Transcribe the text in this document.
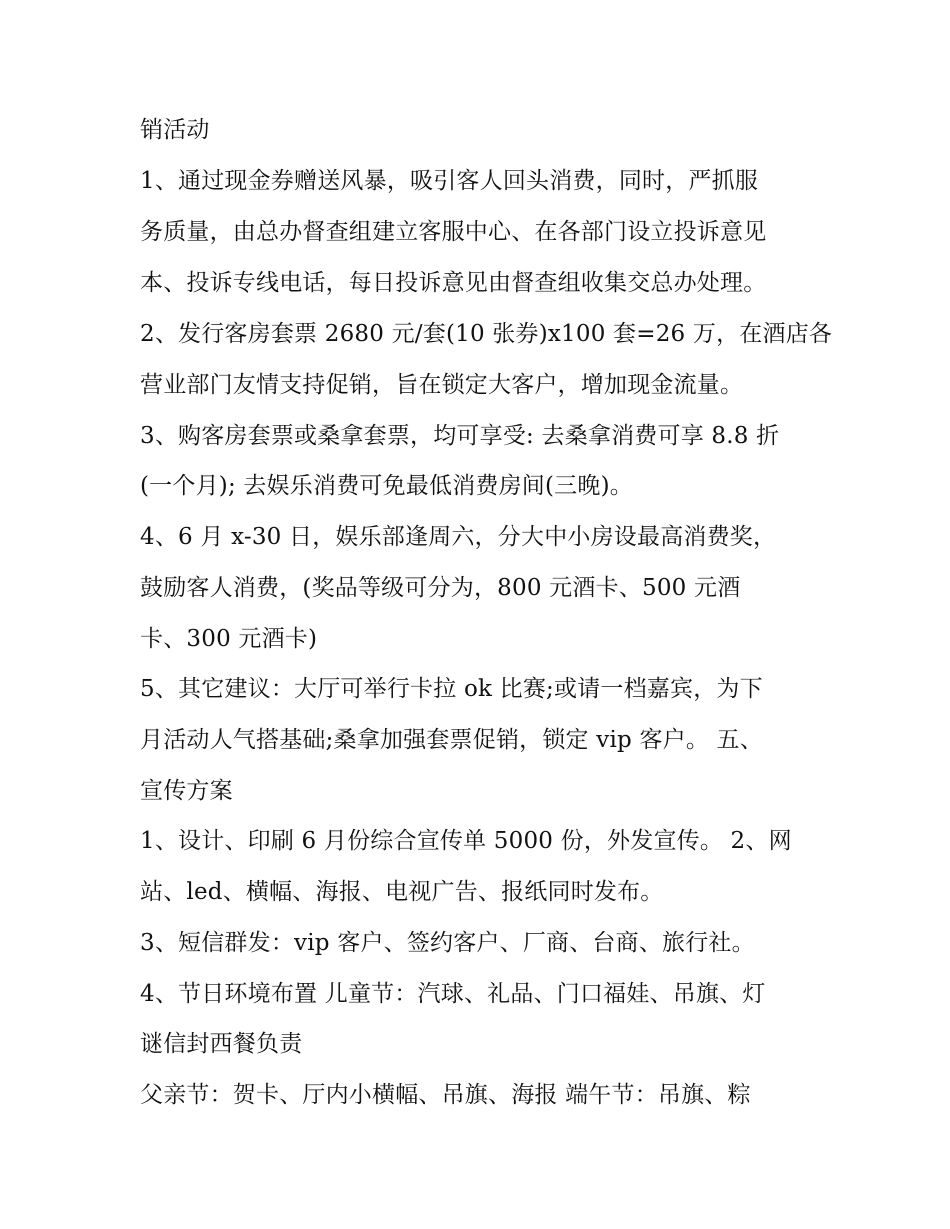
销活动
1、通过现金券赠送风暴，吸引客人回头消费，同时，严抓服
务质量，由总办督查组建立客服中心、在各部门设立投诉意见
本、投诉专线电话，每日投诉意见由督查组收集交总办处理。
2、发行客房套票 2680 元/套(10 张券)x100 套=26 万，在酒店各
营业部门友情支持促销，旨在锁定大客户，增加现金流量。
3、购客房套票或桑拿套票，均可享受: 去桑拿消费可享 8.8 折
(一个月); 去娱乐消费可免最低消费房间(三晚)。
4、6 月 x-30 日，娱乐部逢周六，分大中小房设最高消费奖，
鼓励客人消费，(奖品等级可分为，800 元酒卡、500 元酒
卡、300 元酒卡)
5、其它建议：大厅可举行卡拉 ok 比赛;或请一档嘉宾，为下
月活动人气搭基础;桑拿加强套票促销，锁定 vip 客户。 五、
宣传方案
1、设计、印刷 6 月份综合宣传单 5000 份，外发宣传。 2、网
站、led、横幅、海报、电视广告、报纸同时发布。
3、短信群发：vip 客户、签约客户、厂商、台商、旅行社。
4、节日环境布置 儿童节：汽球、礼品、门口福娃、吊旗、灯
谜信封西餐负责
父亲节：贺卡、厅内小横幅、吊旗、海报 端午节：吊旗、粽
